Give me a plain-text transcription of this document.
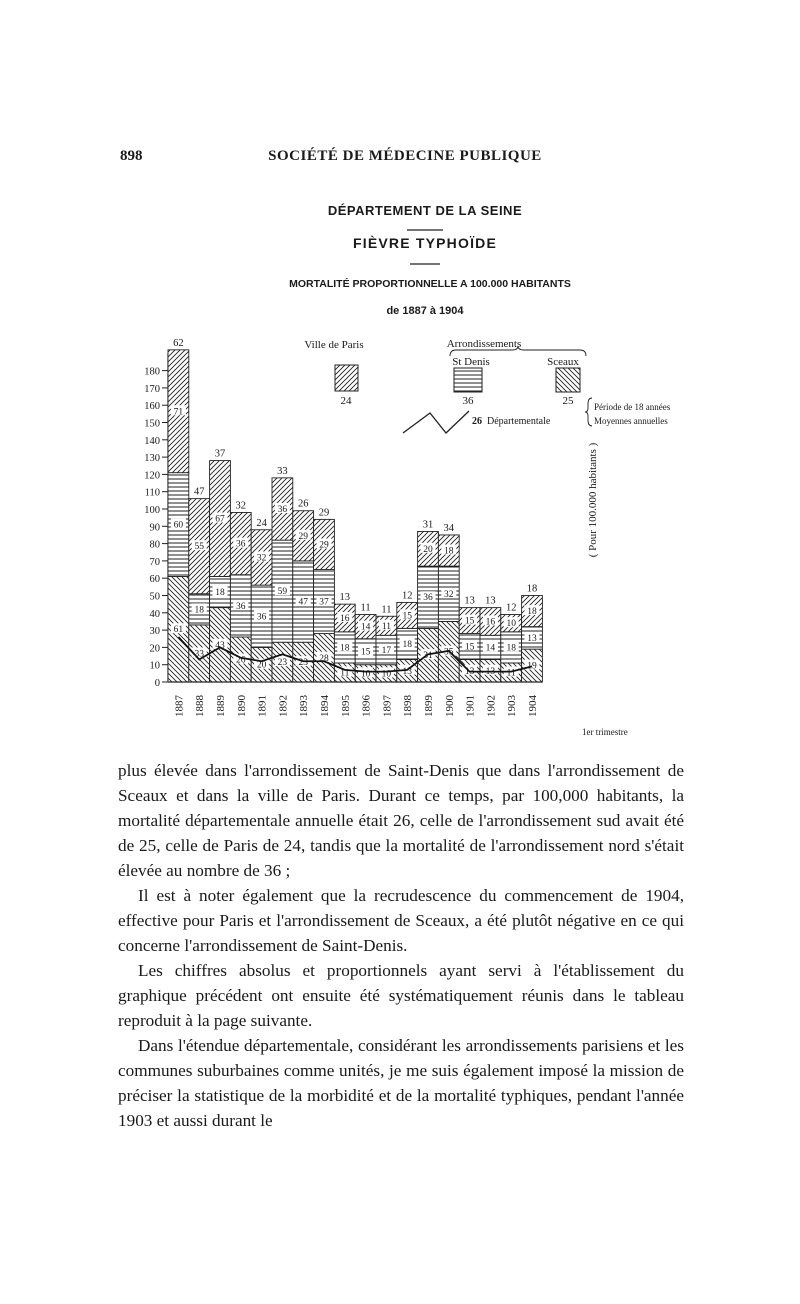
898	SOCIÉTÉ DE MÉDECINE PUBLIQUE
DÉPARTEMENT DE LA SEINE
FIÈVRE TYPHOÏDE
MORTALITÉ PROPORTIONNELLE A 100.000 HABITANTS
de 1887 à 1904
Ville de Paris
24
Arrondissements
St Denis	Sceaux
36	25
26 Départementale
Période de 18 années
Moyennes annuelles
( Pour 100.000 habitants )
0
10
20
30
40
50
60
70
80
90
100
110
120
130
140
150
160
170
180
61
60
71
62
33
18
55
47
43
18
67
37
26
36
36
32
20
36
32
24
23
59
36
33
23
47
29
26
28
37
29
29
11
18
16
13
10
15
14
11
10
17
11
11
13
18
15
12
31
36
20
31
35
32
18
34
13
15
15
13
13
14
16
13
11
18
10
12
19
13
18
18
1887 1888 1889 1890 1891 1892 1893 1894 1895 1896 1897 1898 1899 1900 1901 1902 1903 1904
1er trimestre

plus élevée dans l'arrondissement de Saint-Denis que dans l'arrondissement de Sceaux et dans la ville de Paris. Durant ce temps, par 100,000 habitants, la mortalité départementale annuelle était 26, celle de l'arrondissement sud avait été de 25, celle de Paris de 24, tandis que la mortalité de l'arrondissement nord s'était élevée au nombre de 36 ;

Il est à noter également que la recrudescence du commencement de 1904, effective pour Paris et l'arrondissement de Sceaux, a été plutôt négative en ce qui concerne l'arrondissement de Saint-Denis.

Les chiffres absolus et proportionnels ayant servi à l'établissement du graphique précédent ont ensuite été systématiquement réunis dans le tableau reproduit à la page suivante.

Dans l'étendue départementale, considérant les arrondissements parisiens et les communes suburbaines comme unités, je me suis également imposé la mission de préciser la statistique de la morbidité et de la mortalité typhiques, pendant l'année 1903 et aussi durant le
